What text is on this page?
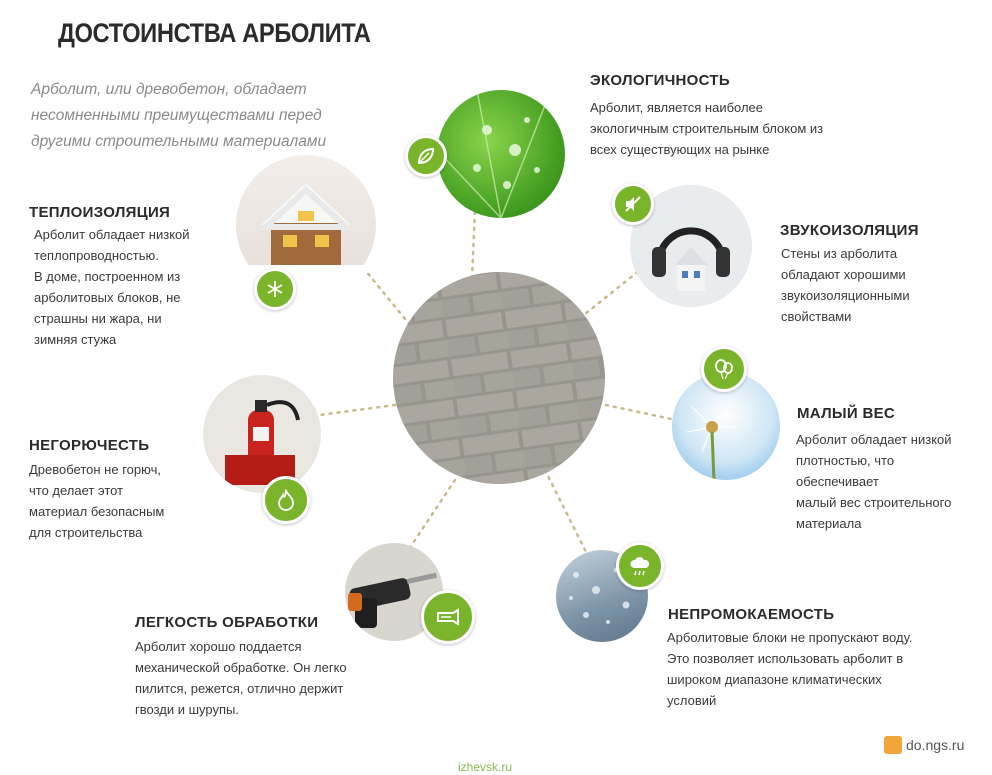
ДОСТОИНСТВА АРБОЛИТА
Арболит, или древобетон, обладает несомненными преимуществами перед другими строительными материалами
ЭКОЛОГИЧНОСТЬ
Арболит, является наиболее
экологичным строительным блоком из
всех существующих на рынке
ЗВУКОИЗОЛЯЦИЯ
Стены из арболита
обладают хорошими
звукоизоляционными
свойствами
МАЛЫЙ ВЕС
Арболит обладает низкой
плотностью, что
обеспечивает
малый вес строительного
материала
НЕПРОМОКАЕМОСТЬ
Арболитовые блоки не пропускают воду.
Это позволяет использовать арболит в
широком диапазоне климатических
условий
ЛЕГКОСТЬ ОБРАБОТКИ
Арболит хорошо поддается
механической обработке. Он легко
пилится, режется, отлично держит
гвозди и шурупы.
НЕГОРЮЧЕСТЬ
Древобетон не горюч,
что делает этот
материал безопасным
для строительства
ТЕПЛОИЗОЛЯЦИЯ
Арболит обладает низкой
теплопроводностью.
В доме, построенном из
арболитовых блоков, не
страшны ни жара, ни
зимняя стужа
izhevsk.ru
do.ngs.ru
